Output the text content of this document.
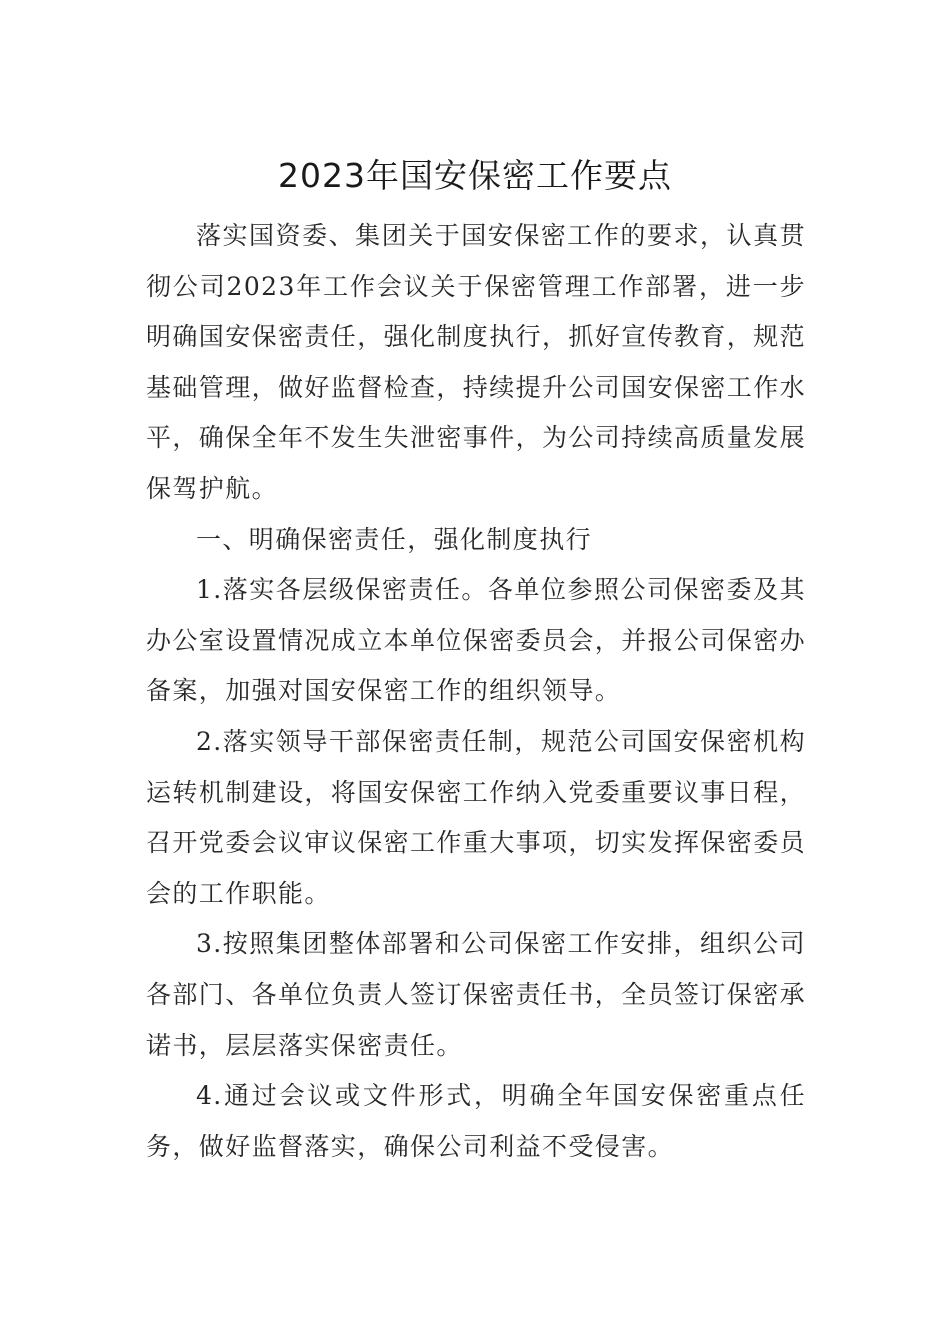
2023年国安保密工作要点

落实国资委、集团关于国安保密工作的要求，认真贯彻公司2023年工作会议关于保密管理工作部署，进一步明确国安保密责任，强化制度执行，抓好宣传教育，规范基础管理，做好监督检查，持续提升公司国安保密工作水平，确保全年不发生失泄密事件，为公司持续高质量发展保驾护航。

一、明确保密责任，强化制度执行

1.落实各层级保密责任。各单位参照公司保密委及其办公室设置情况成立本单位保密委员会，并报公司保密办备案，加强对国安保密工作的组织领导。

2.落实领导干部保密责任制，规范公司国安保密机构运转机制建设，将国安保密工作纳入党委重要议事日程，召开党委会议审议保密工作重大事项，切实发挥保密委员会的工作职能。

3.按照集团整体部署和公司保密工作安排，组织公司各部门、各单位负责人签订保密责任书，全员签订保密承诺书，层层落实保密责任。

4.通过会议或文件形式，明确全年国安保密重点任务，做好监督落实，确保公司利益不受侵害。
